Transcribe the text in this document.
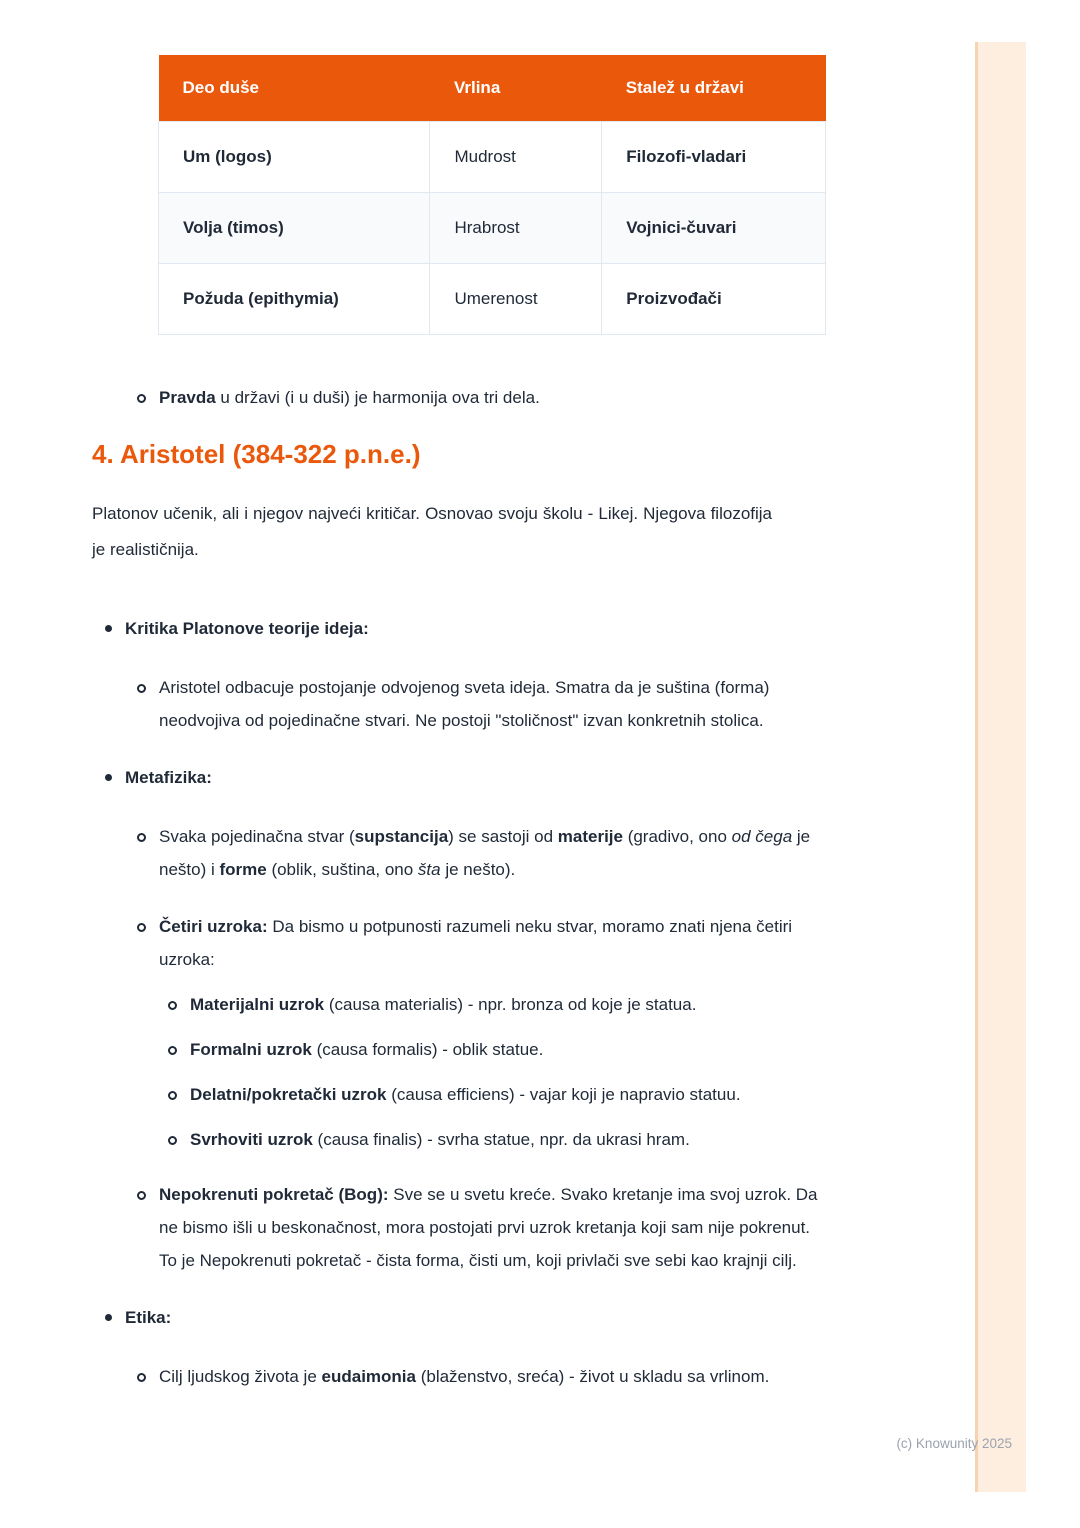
Deo duše	Vrlina	Stalež u državi
Um (logos)	Mudrost	Filozofi-vladari
Volja (timos)	Hrabrost	Vojnici-čuvari
Požuda (epithymia)	Umerenost	Proizvođači
Pravda u državi (i u duši) je harmonija ova tri dela.
4. Aristotel (384-322 p.n.e.)

Platonov učenik, ali i njegov najveći kritičar. Osnovao svoju školu - Likej. Njegova filozofija je realističnija.

Kritika Platonove teorije ideja:
Aristotel odbacuje postojanje odvojenog sveta ideja. Smatra da je suština (forma) neodvojiva od pojedinačne stvari. Ne postoji "stoličnost" izvan konkretnih stolica.
Metafizika:
Svaka pojedinačna stvar (supstancija) se sastoji od materije (gradivo, ono od čega je nešto) i forme (oblik, suština, ono šta je nešto).
Četiri uzroka: Da bismo u potpunosti razumeli neku stvar, moramo znati njena četiri uzroka:
Materijalni uzrok (causa materialis) - npr. bronza od koje je statua.
Formalni uzrok (causa formalis) - oblik statue.
Delatni/pokretački uzrok (causa efficiens) - vajar koji je napravio statuu.
Svrhoviti uzrok (causa finalis) - svrha statue, npr. da ukrasi hram.
Nepokrenuti pokretač (Bog): Sve se u svetu kreće. Svako kretanje ima svoj uzrok. Da ne bismo išli u beskonačnost, mora postojati prvi uzrok kretanja koji sam nije pokrenut. To je Nepokrenuti pokretač - čista forma, čisti um, koji privlači sve sebi kao krajnji cilj.
Etika:
Cilj ljudskog života je eudaimonia (blaženstvo, sreća) - život u skladu sa vrlinom.
(c) Knowunity 2025
